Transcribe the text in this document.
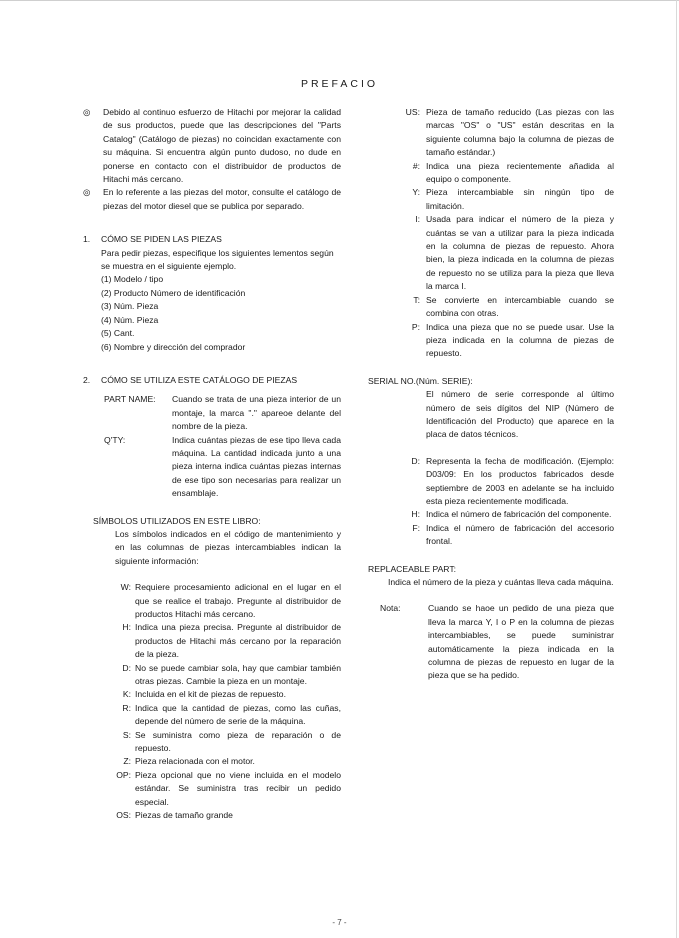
PREFACIO
◎	Debido al continuo esfuerzo de Hitachi por mejorar la calidad de sus productos, puede que las descripciones del "Parts Catalog" (Catálogo de piezas) no coincidan exactamente con su máquina. Si encuentra algún punto dudoso, no dude en ponerse en contacto con el distribuidor de productos de Hitachi más cercano.
◎	En lo referente a las piezas del motor, consulte el catálogo de piezas del motor diesel que se publica por separado.
1.	CÓMO SE PIDEN LAS PIEZAS
Para pedir piezas, especifique los siguientes lementos según se muestra en el siguiente ejemplo.
(1) Modelo / tipo
(2) Producto Número de identificación
(3) Núm. Pieza
(4) Núm. Pieza
(5) Cant.
(6) Nombre y dirección del comprador
2.	CÓMO SE UTILIZA ESTE CATÁLOGO DE PIEZAS
PART NAME:	Cuando se trata de una pieza interior de un montaje, la marca "." apareoe delante del nombre de la pieza.
Q'TY:	Indica cuántas piezas de ese tipo lleva cada máquina. La cantidad indicada junto a una pieza interna indica cuántas piezas internas de ese tipo son necesarias para realizar un ensamblaje.
SÍMBOLOS UTILIZADOS EN ESTE LIBRO:
Los símbolos indicados en el código de mantenimiento y en las columnas de piezas intercambiables indican la siguiente información:
W: Requiere procesamiento adicional en el lugar en el que se realice el trabajo. Pregunte al distribuidor de productos Hitachi más cercano.
H: Indica una pieza precisa. Pregunte al distribuidor de productos de Hitachi más cercano por la reparación de la pieza.
D: No se puede cambiar sola, hay que cambiar también otras piezas. Cambie la pieza en un montaje.
K: Incluida en el kit de piezas de repuesto.
R: Indica que la cantidad de piezas, como las cuñas, depende del número de serie de la máquina.
S: Se suministra como pieza de reparación o de repuesto.
Z: Pieza relacionada con el motor.
OP: Pieza opcional que no viene incluida en el modelo estándar. Se suministra tras recibir un pedido especial.
OS: Piezas de tamaño grande
US: Pieza de tamaño reducido (Las piezas con las marcas "OS" o "US" están descritas en la siguiente columna bajo la columna de piezas de tamaño estándar.)
#: Indica una pieza recientemente añadida al equipo o componente.
Y: Pieza intercambiable sin ningún tipo de limitación.
I: Usada para indicar el número de la pieza y cuántas se van a utilizar para la pieza indicada en la columna de piezas de repuesto. Ahora bien, la pieza indicada en la columna de piezas de repuesto no se utiliza para la pieza que lleva la marca I.
T: Se convierte en intercambiable cuando se combina con otras.
P: Indica una pieza que no se puede usar. Use la pieza indicada en la columna de piezas de repuesto.
SERIAL NO.(Núm. SERIE):
El número de serie corresponde al último número de seis dígitos del NIP (Número de Identificación del Producto) que aparece en la placa de datos técnicos.
D: Representa la fecha de modificación. (Ejemplo: D03/09: En los productos fabricados desde septiembre de 2003 en adelante se ha incluido esta pieza recientemente modificada.
H: Indica el número de fabricación del componente.
F: Indica el número de fabricación del accesorio frontal.
REPLACEABLE PART:
Indica el número de la pieza y cuántas lleva cada máquina.
Nota:	Cuando se haoe un pedido de una pieza que lleva la marca Y, I o P en la columna de piezas intercambiables, se puede suministrar automáticamente la pieza indicada en la columna de piezas de repuesto en lugar de la pieza que se ha pedido.
- 7 -
